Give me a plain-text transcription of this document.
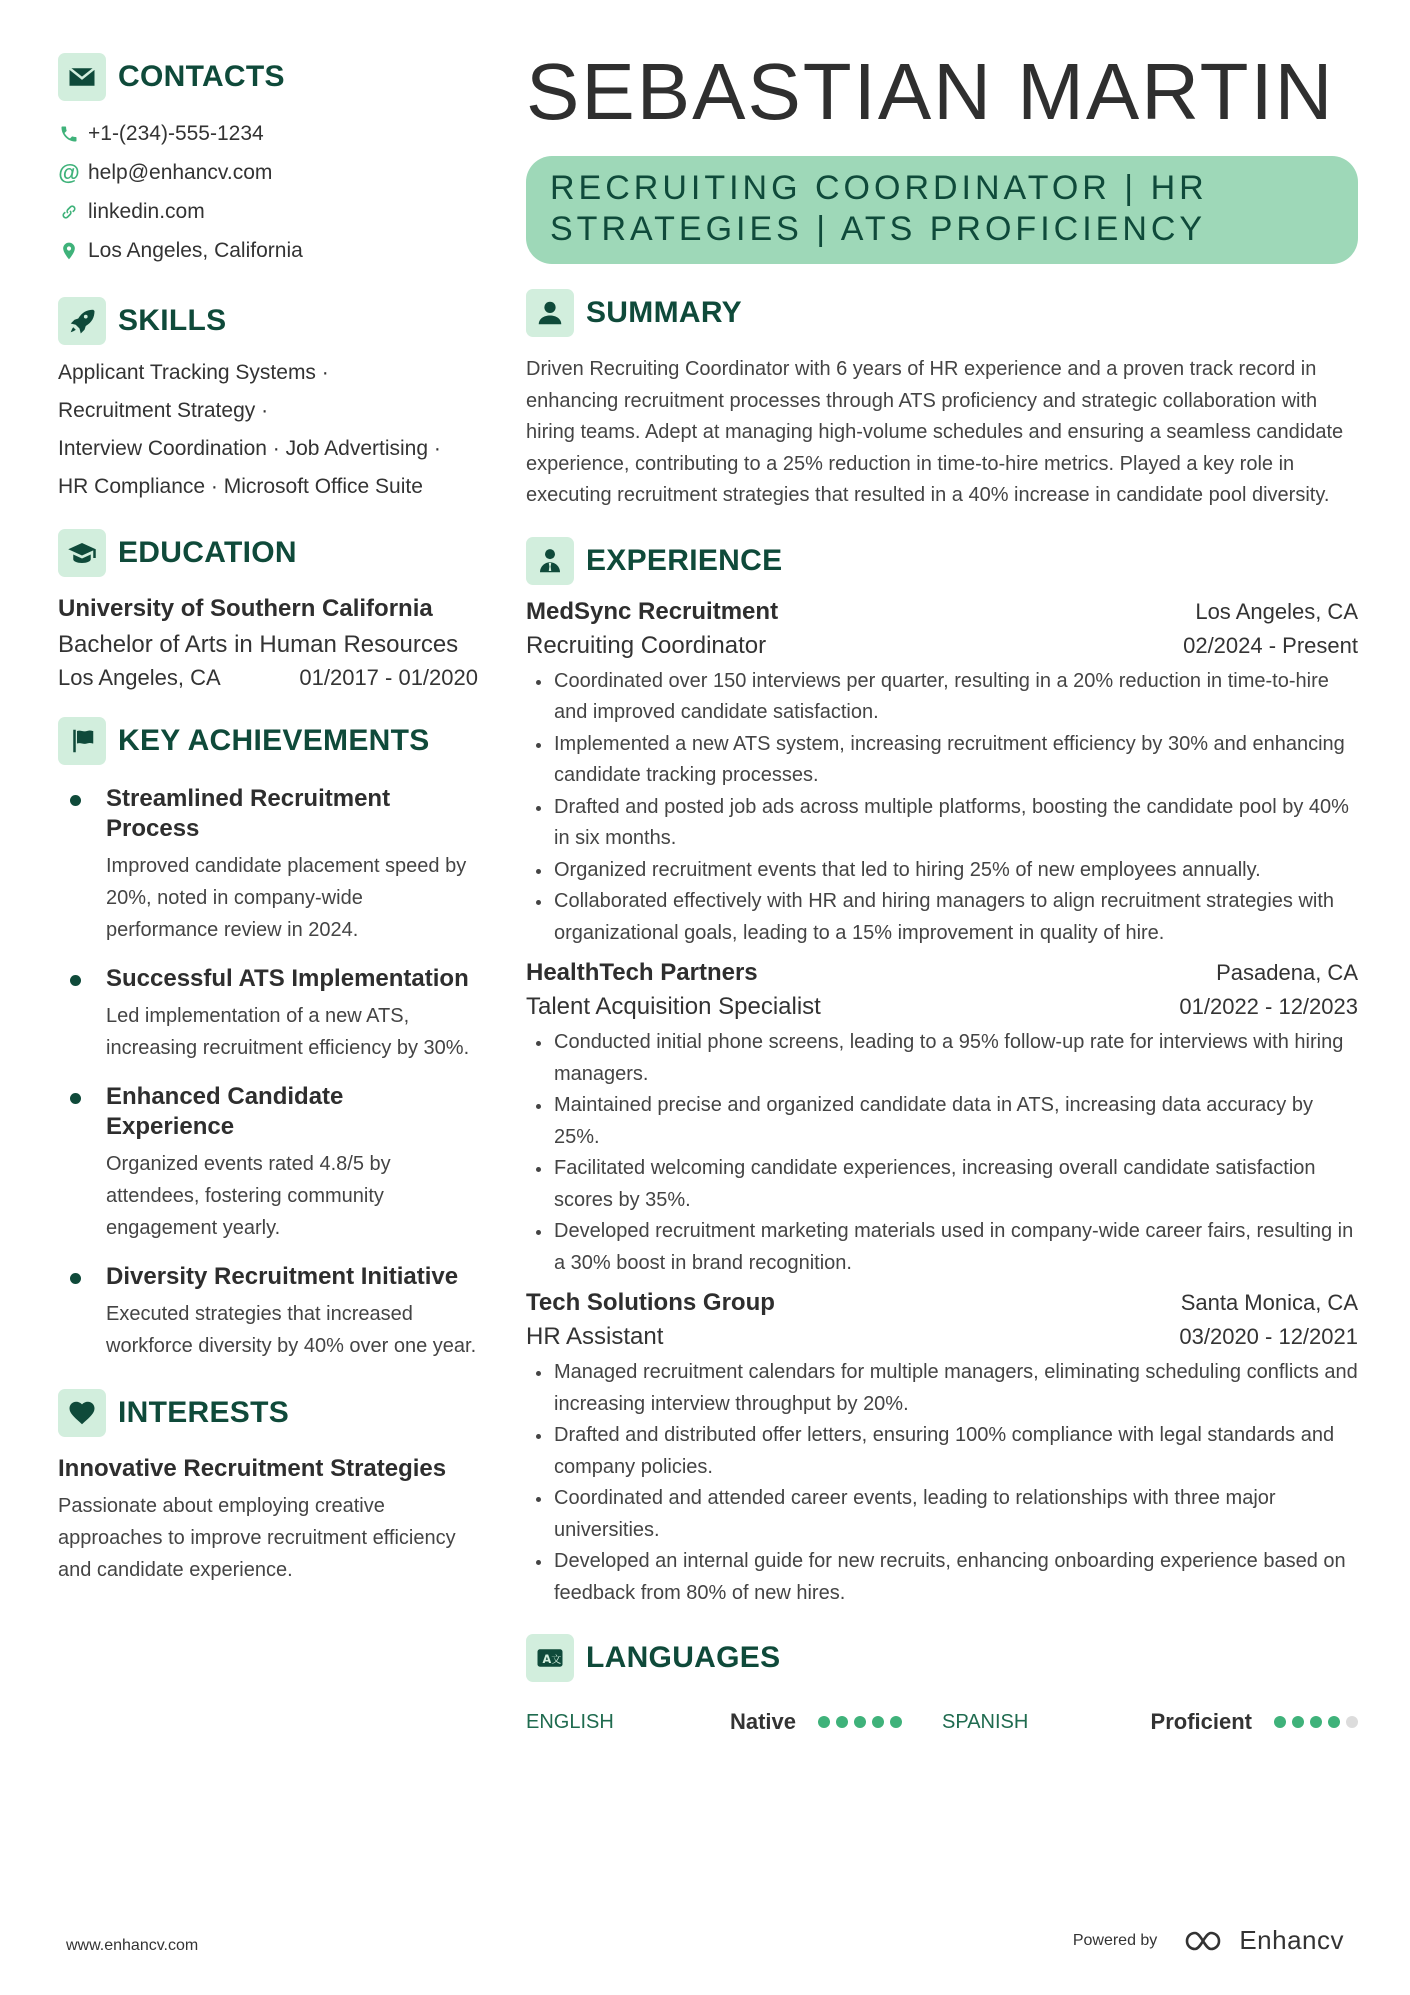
CONTACTS
+1-(234)-555-1234
@ help@enhancv.com
linkedin.com
Los Angeles, California
SKILLS
Applicant Tracking Systems ·
Recruitment Strategy ·
Interview Coordination · Job Advertising ·
HR Compliance · Microsoft Office Suite
EDUCATION
University of Southern California
Bachelor of Arts in Human Resources
Los Angeles, CA	01/2017 - 01/2020
KEY ACHIEVEMENTS
Streamlined Recruitment Process
Improved candidate placement speed by 20%, noted in company-wide performance review in 2024.
Successful ATS Implementation
Led implementation of a new ATS, increasing recruitment efficiency by 30%.
Enhanced Candidate Experience
Organized events rated 4.8/5 by attendees, fostering community engagement yearly.
Diversity Recruitment Initiative
Executed strategies that increased workforce diversity by 40% over one year.
INTERESTS
Innovative Recruitment Strategies
Passionate about employing creative approaches to improve recruitment efficiency and candidate experience.
SEBASTIAN MARTIN
RECRUITING COORDINATOR | HR
STRATEGIES | ATS PROFICIENCY
SUMMARY

Driven Recruiting Coordinator with 6 years of HR experience and a proven track record in enhancing recruitment processes through ATS proficiency and strategic collaboration with hiring teams. Adept at managing high-volume schedules and ensuring a seamless candidate experience, contributing to a 25% reduction in time-to-hire metrics. Played a key role in executing recruitment strategies that resulted in a 40% increase in candidate pool diversity.

EXPERIENCE
MedSync Recruitment	Los Angeles, CA
Recruiting Coordinator	02/2024 - Present
Coordinated over 150 interviews per quarter, resulting in a 20% reduction in time-to-hire and improved candidate satisfaction.
Implemented a new ATS system, increasing recruitment efficiency by 30% and enhancing candidate tracking processes.
Drafted and posted job ads across multiple platforms, boosting the candidate pool by 40% in six months.
Organized recruitment events that led to hiring 25% of new employees annually.
Collaborated effectively with HR and hiring managers to align recruitment strategies with organizational goals, leading to a 15% improvement in quality of hire.
HealthTech Partners	Pasadena, CA
Talent Acquisition Specialist	01/2022 - 12/2023
Conducted initial phone screens, leading to a 95% follow-up rate for interviews with hiring managers.
Maintained precise and organized candidate data in ATS, increasing data accuracy by 25%.
Facilitated welcoming candidate experiences, increasing overall candidate satisfaction scores by 35%.
Developed recruitment marketing materials used in company-wide career fairs, resulting in a 30% boost in brand recognition.
Tech Solutions Group	Santa Monica, CA
HR Assistant	03/2020 - 12/2021
Managed recruitment calendars for multiple managers, eliminating scheduling conflicts and increasing interview throughput by 20%.
Drafted and distributed offer letters, ensuring 100% compliance with legal standards and company policies.
Coordinated and attended career events, leading to relationships with three major universities.
Developed an internal guide for new recruits, enhancing onboarding experience based on feedback from 80% of new hires.
A 文 LANGUAGES
ENGLISH	Native	SPANISH	Proficient
www.enhancv.com	Powered by	Enhancv
